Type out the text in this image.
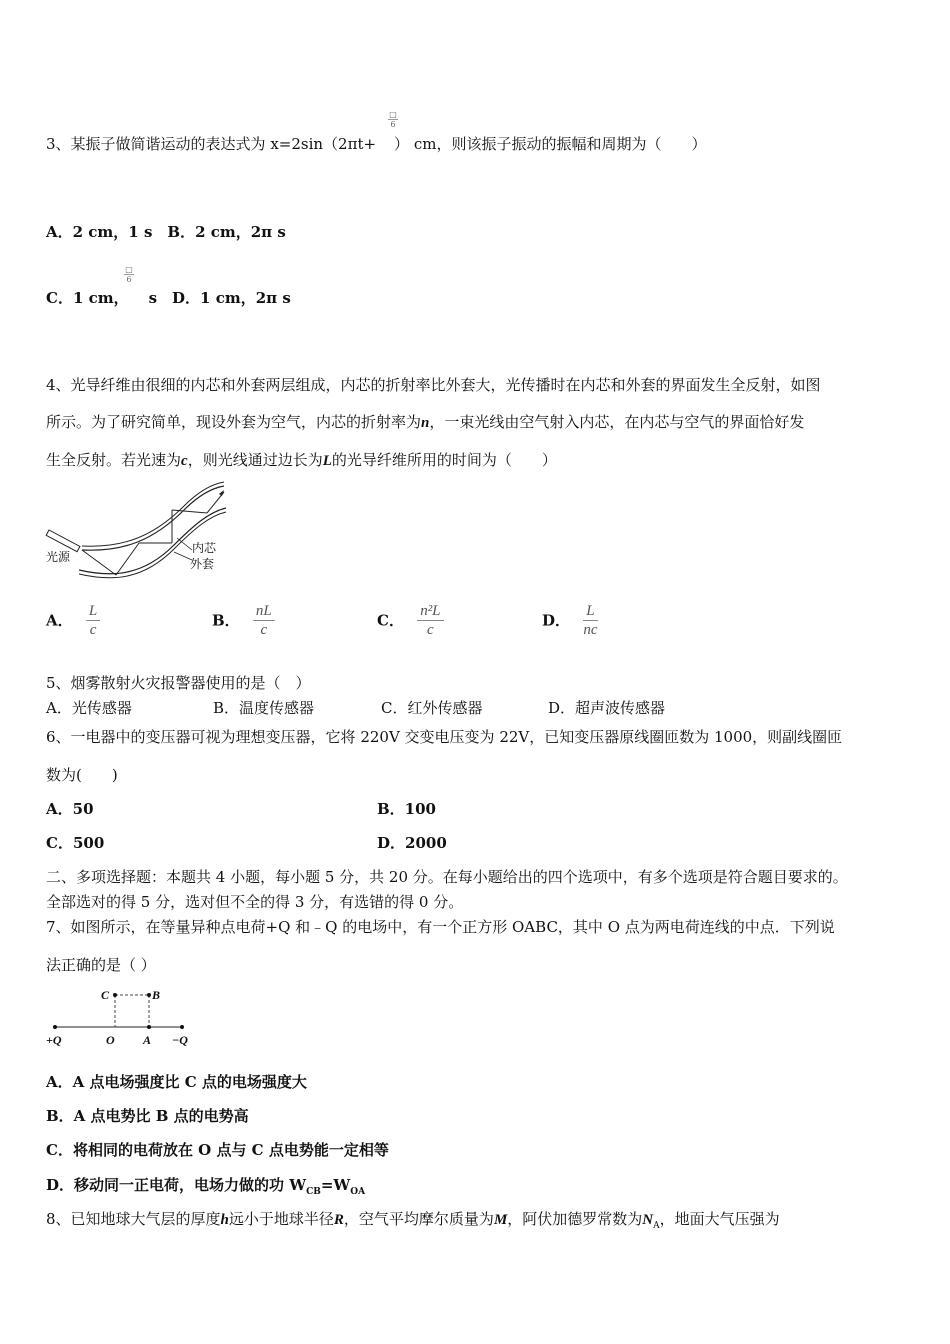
□
6
3、某振子做简谐运动的表达式为 x=2sin（2πt+ ） cm，则该振子振动的振幅和周期为（　　）
A．2 cm，1 s　B．2 cm，2π s
□
6
C．1 cm， s　D．1 cm，2π s
4、光导纤维由很细的内芯和外套两层组成，内芯的折射率比外套大，光传播时在内芯和外套的界面发生全反射，如图
所示。为了研究简单，现设外套为空气，内芯的折射率为n，一束光线由空气射入内芯，在内芯与空气的界面恰好发
生全反射。若光速为c，则光线通过边长为L的光导纤维所用的时间为（　　）
光源
内芯
外套
A． $\frac{L}{c}$	B． $\frac{nL}{c}$	C． $\frac{\text{n²L}}{c}$	D． $\frac{L}{nc}$
5、烟雾散射火灾报警器使用的是（　）
A．光传感器	B．温度传感器	C．红外传感器	D．超声波传感器
6、一电器中的变压器可视为理想变压器，它将 220V 交变电压变为 22V，已知变压器原线圈匝数为 1000，则副线圈匝
数为(　　)
A．50	B．100
C．500	D．2000
二、多项选择题：本题共 4 小题，每小题 5 分，共 20 分。在每小题给出的四个选项中，有多个选项是符合题目要求的。
全部选对的得 5 分，选对但不全的得 3 分，有选错的得 0 分。
7、如图所示，在等量异种点电荷+Q 和﹣Q 的电场中，有一个正方形 OABC，其中 O 点为两电荷连线的中点．下列说
法正确的是（ ）
C	B
+Q	O A −Q
A．A 点电场强度比 C 点的电场强度大
B．A 点电势比 B 点的电势高
C．将相同的电荷放在 O 点与 C 点电势能一定相等
D．移动同一正电荷，电场力做的功 $W_{CB}=W_{OA}$
8、已知地球大气层的厚度h远小于地球半径R，空气平均摩尔质量为M，阿伏加德罗常数为$N_A$，地面大气压强为
